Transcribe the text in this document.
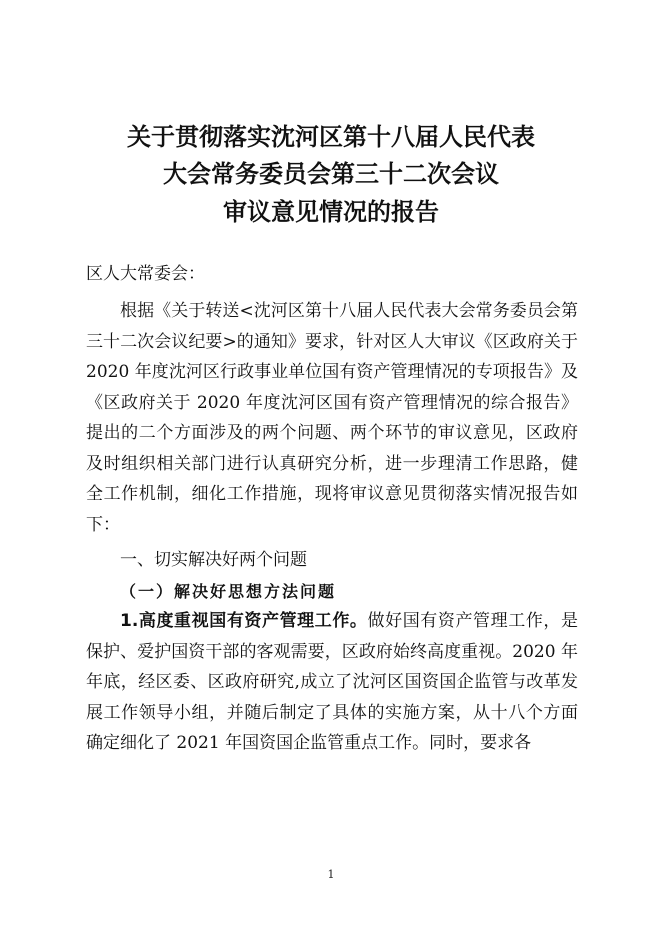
关于贯彻落实沈河区第十八届人民代表
大会常务委员会第三十二次会议
审议意见情况的报告
区人大常委会：

根据《关于转送<沈河区第十八届人民代表大会常务委员会第三十二次会议纪要>的通知》要求，针对区人大审议《区政府关于 2020 年度沈河区行政事业单位国有资产管理情况的专项报告》及《区政府关于 2020 年度沈河区国有资产管理情况的综合报告》提出的二个方面涉及的两个问题、两个环节的审议意见，区政府及时组织相关部门进行认真研究分析，进一步理清工作思路，健全工作机制，细化工作措施，现将审议意见贯彻落实情况报告如下：

一、切实解决好两个问题
（一）解决好思想方法问题

1.高度重视国有资产管理工作。做好国有资产管理工作，是保护、爱护国资干部的客观需要，区政府始终高度重视。2020 年年底，经区委、区政府研究,成立了沈河区国资国企监管与改革发展工作领导小组，并随后制定了具体的实施方案，从十八个方面确定细化了 2021 年国资国企监管重点工作。同时，要求各

1
